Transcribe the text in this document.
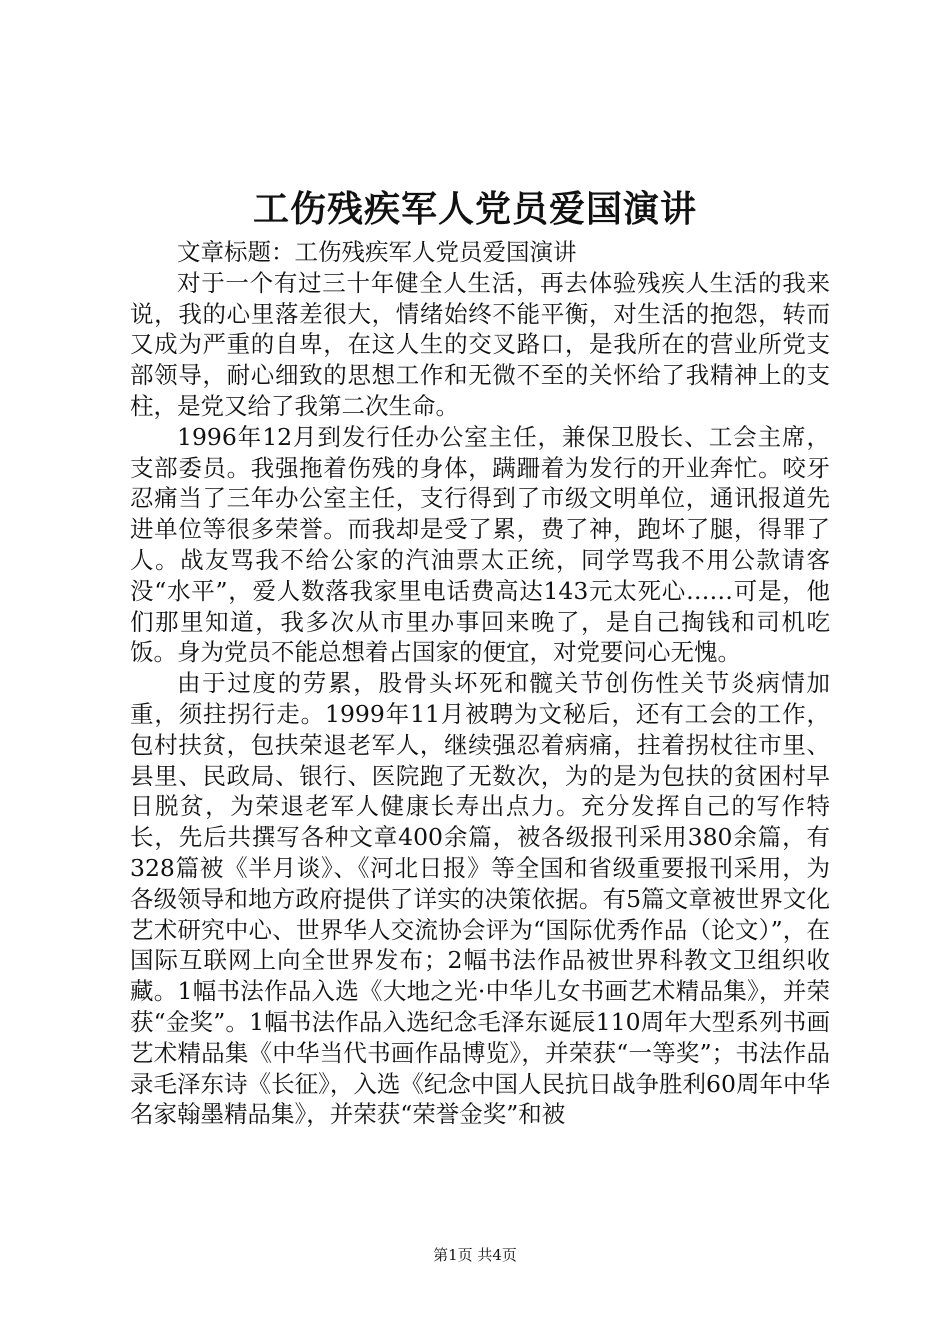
工伤残疾军人党员爱国演讲

文章标题：工伤残疾军人党员爱国演讲

对于一个有过三十年健全人生活，再去体验残疾人生活的我来说，我的心里落差很大，情绪始终不能平衡，对生活的抱怨，转而又成为严重的自卑，在这人生的交叉路口，是我所在的营业所党支部领导，耐心细致的思想工作和无微不至的关怀给了我精神上的支柱，是党又给了我第二次生命。

1996年12月到发行任办公室主任，兼保卫股长、工会主席，支部委员。我强拖着伤残的身体，蹒跚着为发行的开业奔忙。咬牙忍痛当了三年办公室主任，支行得到了市级文明单位，通讯报道先进单位等很多荣誉。而我却是受了累，费了神，跑坏了腿，得罪了人。战友骂我不给公家的汽油票太正统，同学骂我不用公款请客没“水平”，爱人数落我家里电话费高达143元太死心……可是，他们那里知道，我多次从市里办事回来晚了，是自己掏钱和司机吃饭。身为党员不能总想着占国家的便宜，对党要问心无愧。

由于过度的劳累，股骨头坏死和髋关节创伤性关节炎病情加重，须拄拐行走。1999年11月被聘为文秘后，还有工会的工作，包村扶贫，包扶荣退老军人，继续强忍着病痛，拄着拐杖往市里、县里、民政局、银行、医院跑了无数次，为的是为包扶的贫困村早日脱贫，为荣退老军人健康长寿出点力。充分发挥自己的写作特长，先后共撰写各种文章400余篇，被各级报刊采用380余篇，有328篇被《半月谈》、《河北日报》等全国和省级重要报刊采用，为各级领导和地方政府提供了详实的决策依据。有5篇文章被世界文化艺术研究中心、世界华人交流协会评为“国际优秀作品（论文）”，在国际互联网上向全世界发布；2幅书法作品被世界科教文卫组织收藏。1幅书法作品入选《大地之光·中华儿女书画艺术精品集》，并荣获“金奖”。1幅书法作品入选纪念毛泽东诞辰110周年大型系列书画艺术精品集《中华当代书画作品博览》，并荣获“一等奖”；书法作品录毛泽东诗《长征》，入选《纪念中国人民抗日战争胜利60周年中华名家翰墨精品集》，并荣获“荣誉金奖”和被

第1页 共4页
